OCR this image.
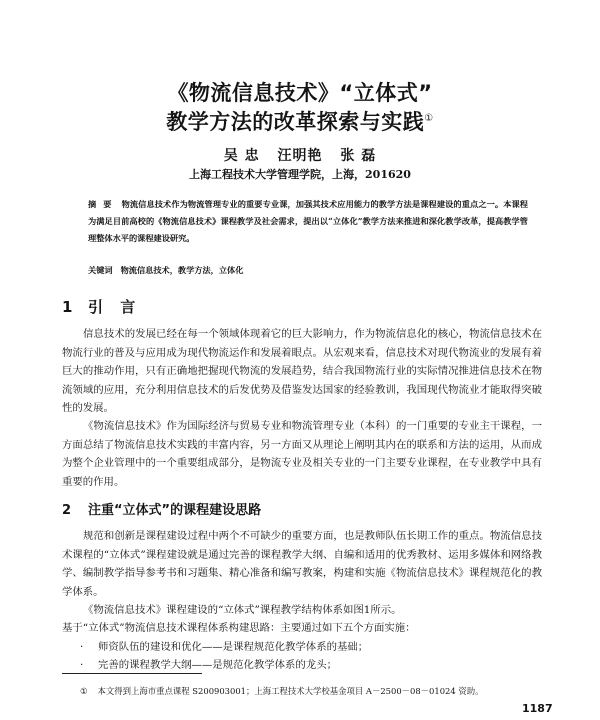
《物流信息技术》“立体式”
教学方法的改革探索与实践①
吴 忠 汪明艳 张 磊
上海工程技术大学管理学院，上海，201620
摘 要 物流信息技术作为物流管理专业的重要专业课，加强其技术应用能力的教学方法是课程建设的重点之一。本课程为满足目前高校的《物流信息技术》课程教学及社会需求，提出以“立体化”教学方法来推进和深化教学改革，提高教学管理整体水平的课程建设研究。
关键词 物流信息技术，教学方法，立体化
1 引 言

信息技术的发展已经在每一个领域体现着它的巨大影响力，作为物流信息化的核心，物流信息技术在物流行业的普及与应用成为现代物流运作和发展着眼点。从宏观来看，信息技术对现代物流业的发展有着巨大的推动作用，只有正确地把握现代物流的发展趋势，结合我国物流行业的实际情况推进信息技术在物流领域的应用，充分利用信息技术的后发优势及借鉴发达国家的经验教训，我国现代物流业才能取得突破性的发展。

《物流信息技术》作为国际经济与贸易专业和物流管理专业（本科）的一门重要的专业主干课程，一方面总结了物流信息技术实践的丰富内容，另一方面又从理论上阐明其内在的联系和方法的运用，从而成为整个企业管理中的一个重要组成部分，是物流专业及相关专业的一门主要专业课程，在专业教学中具有重要的作用。

2 注重“立体式”的课程建设思路

规范和创新是课程建设过程中两个不可缺少的重要方面，也是教师队伍长期工作的重点。物流信息技术课程的“立体式”课程建设就是通过完善的课程教学大纲、自编和适用的优秀教材、运用多媒体和网络教学、编制教学指导参考书和习题集、精心准备和编写教案，构建和实施《物流信息技术》课程规范化的教学体系。

《物流信息技术》课程建设的“立体式”课程教学结构体系如图1所示。

基于“立体式”物流信息技术课程体系构建思路：主要通过如下五个方面实施：

· 师资队伍的建设和优化——是课程规范化教学体系的基础；
· 完善的课程教学大纲——是规范化教学体系的龙头；
① 本文得到上海市重点课程 S200903001；上海工程技术大学校基金项目 A－2500－08－01024 资助。
1187
